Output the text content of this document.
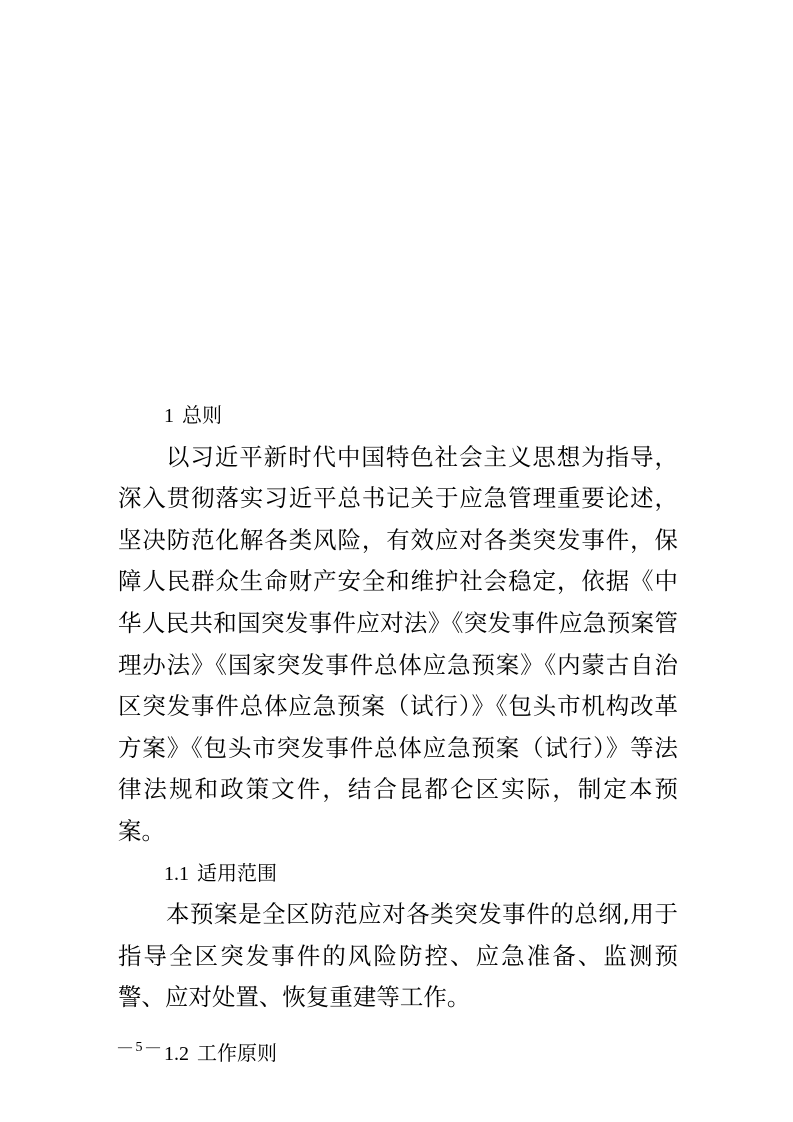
1 总则

以习近平新时代中国特色社会主义思想为指导，深入贯彻落实习近平总书记关于应急管理重要论述，坚决防范化解各类风险，有效应对各类突发事件，保障人民群众生命财产安全和维护社会稳定，依据《中华人民共和国突发事件应对法》《突发事件应急预案管理办法》《国家突发事件总体应急预案》《内蒙古自治区突发事件总体应急预案（试行）》《包头市机构改革方案》《包头市突发事件总体应急预案（试行）》等法律法规和政策文件，结合昆都仑区实际，制定本预案。

1.1 适用范围

本预案是全区防范应对各类突发事件的总纲,用于指导全区突发事件的风险防控、应急准备、监测预警、应对处置、恢复重建等工作。

1.2 工作原则
— 5 —
